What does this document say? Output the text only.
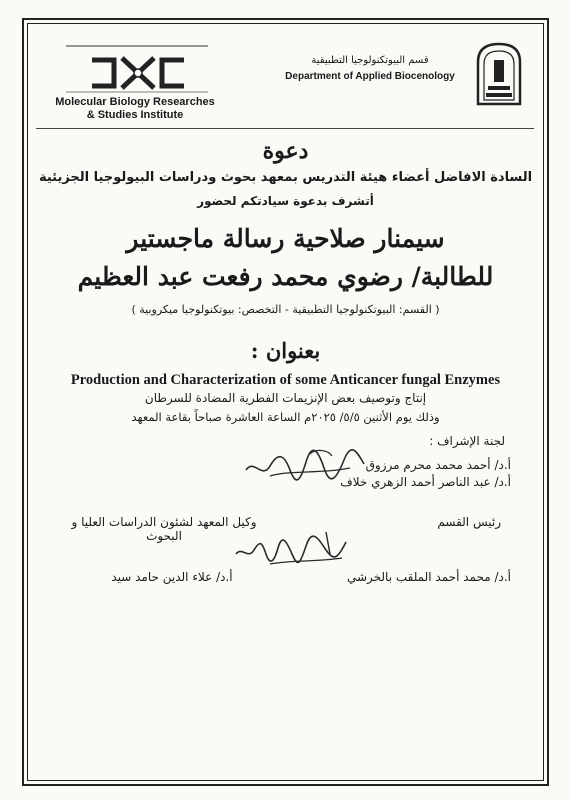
Molecular Biology Researches
& Studies Institute
قسم البيوتكنولوجيا التطبيقية
Department of Applied Biocenology
دعوة
السادة الافاضل أعضاء هيئة التدريس بمعهد بحوث ودراسات البيولوجيا الجزيئية
أتشرف بدعوة سيادتكم لحضور
سيمنار صلاحية رسالة ماجستير
للطالبة/ رضوي محمد رفعت عبد العظيم
( القسم: البيوتكنولوجيا التطبيقية - التخصص: بيوتكنولوجيا ميكروبية )
بعنوان :
Production and Characterization of some Anticancer fungal Enzymes
إنتاج وتوصيف بعض الإنزيمات الفطرية المضادة للسرطان
وذلك يوم الأثنين ٥/٥/ ٢٠٢٥م الساعة العاشرة صباحاً بقاعة المعهد
لجنة الإشراف :
أ.د/ أحمد محمد محرم مرزوق
أ.د/ عبد الناصر أحمد الزهري خلاف
رئيس القسم
وكيل المعهد لشئون الدراسات العليا و البحوث
أ.د/ محمد أحمد الملقب بالخرشي
أ.د/ علاء الدين حامد سيد
